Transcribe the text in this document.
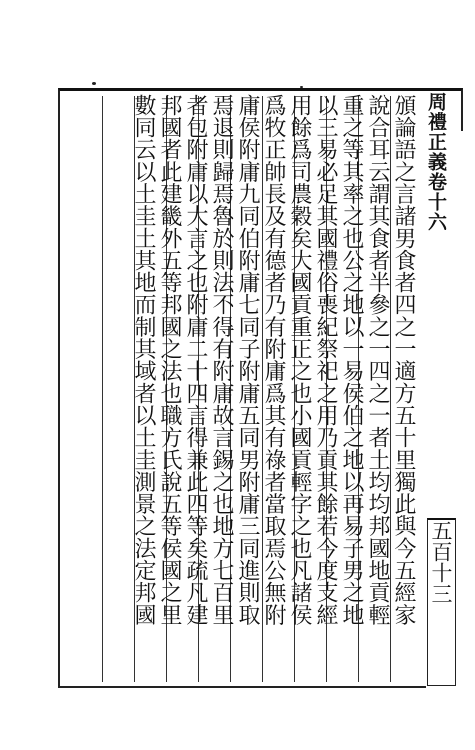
周禮正義卷十六
頒論語之言諸男食者四之一適方五十里獨此與今五經家
說合耳云謂其食者半參之一四之一者土均均邦國地貢輕
重之等其率之也公之地以一易侯伯之地以再易子男之地
以三易必足其國禮俗喪紀祭祀之用乃貢其餘若今度支經
用餘爲司農穀矣大國貢重正之也小國貢輕字之也凡諸侯
爲牧正帥長及有德者乃有附庸爲其有祿者當取焉公無附
庸侯附庸九同伯附庸七同子附庸五同男附庸三同進則取
焉退則歸焉魯於則法不得有附庸故言錫之也地方七百里
者包附庸以大言之也附庸二十四言得兼此四等矣疏凡建
邦國者此建畿外五等邦國之法也職方氏說五等侯國之里
數同云以土圭土其地而制其域者以土圭測景之法定邦國	五百十三
